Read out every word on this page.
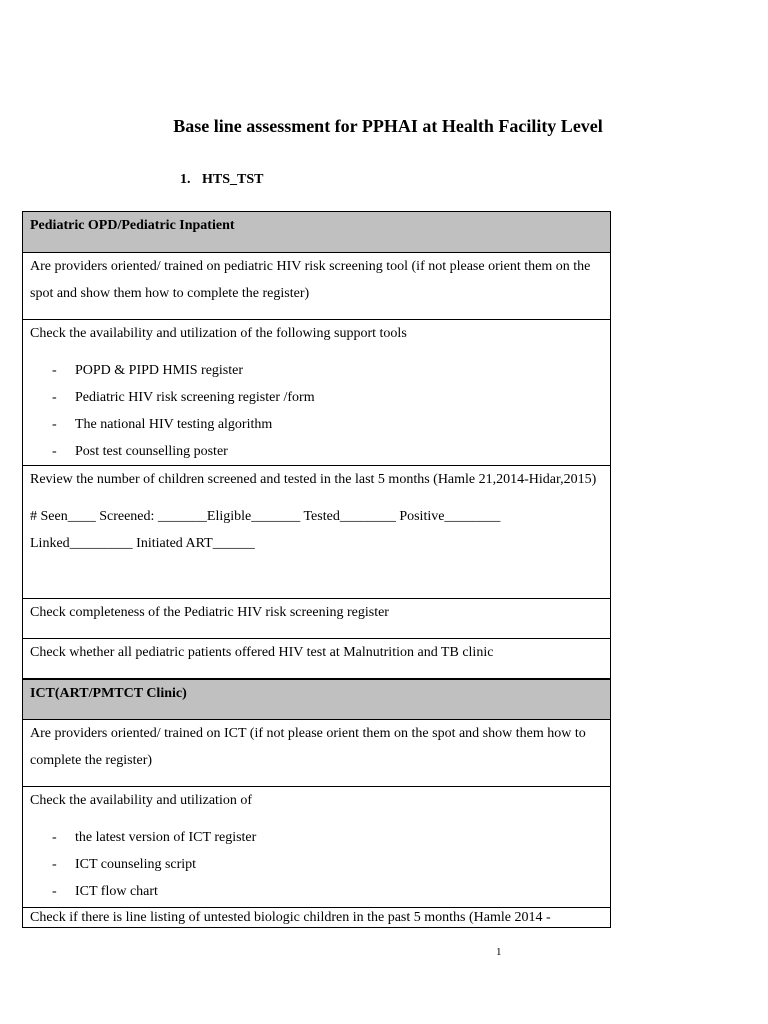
Base line assessment for PPHAI at Health Facility Level
1. HTS_TST
Pediatric OPD/Pediatric Inpatient
Are providers oriented/ trained on pediatric HIV risk screening tool (if not please orient them on the spot and show them how to complete the register)

Check the availability and utilization of the following support tools
- POPD & PIPD HMIS register
- Pediatric HIV risk screening register /form
- The national HIV testing algorithm
- Post test counselling poster

Review the number of children screened and tested in the last 5 months (Hamle 21,2014-Hidar,2015)
# Seen____ Screened: _______Eligible_______ Tested________ Positive________
Linked_________ Initiated ART______

Check completeness of the Pediatric HIV risk screening register
Check whether all pediatric patients offered HIV test at Malnutrition and TB clinic
ICT(ART/PMTCT Clinic)
Are providers oriented/ trained on ICT (if not please orient them on the spot and show them how to complete the register)

Check the availability and utilization of
- the latest version of ICT register
- ICT counseling script
- ICT flow chart

Check if there is line listing of untested biologic children in the past 5 months (Hamle 2014 -
1
